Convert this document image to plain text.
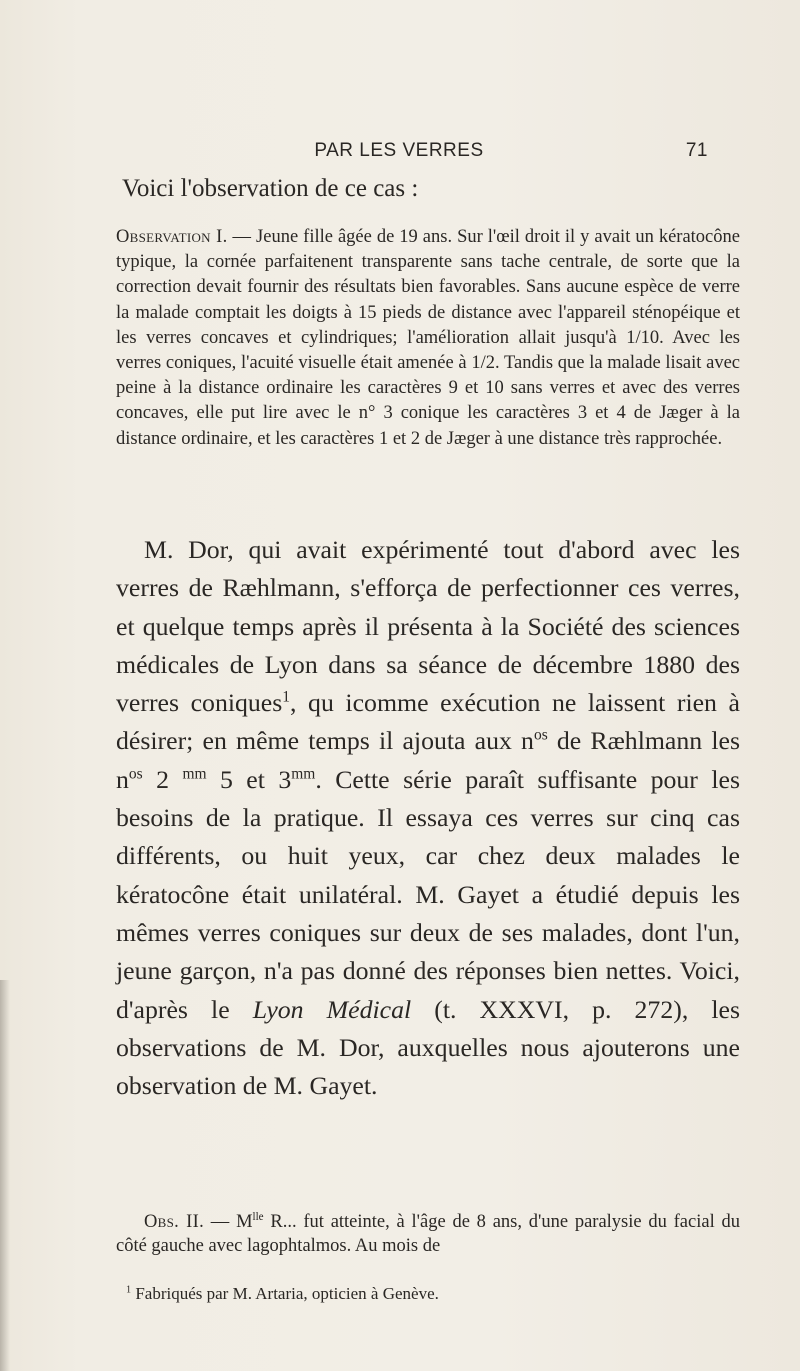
PAR LES VERRES	71
Voici l'observation de ce cas :

Observation I. — Jeune fille âgée de 19 ans. Sur l'œil droit il y avait un kératocône typique, la cornée parfaitenent transparente sans tache centrale, de sorte que la correction devait fournir des résultats bien favorables. Sans aucune espèce de verre la malade comptait les doigts à 15 pieds de distance avec l'appareil sténopéique et les verres concaves et cylindriques; l'amélioration allait jusqu'à 1/10. Avec les verres coniques, l'acuité visuelle était amenée à 1/2. Tandis que la malade lisait avec peine à la distance ordinaire les caractères 9 et 10 sans verres et avec des verres concaves, elle put lire avec le n° 3 conique les caractères 3 et 4 de Jæger à la distance ordinaire, et les caractères 1 et 2 de Jæger à une distance très rapprochée.

M. Dor, qui avait expérimenté tout d'abord avec les verres de Ræhlmann, s'efforça de perfectionner ces verres, et quelque temps après il présenta à la Société des sciences médicales de Lyon dans sa séance de décembre 1880 des verres coniques$^1$, qu icomme exécution ne laissent rien à désirer; en même temps il ajouta aux $n^{os}$ de Ræhlmann les $n^{os}$ 2 $^{mm}$ 5 et $3^{mm}$. Cette série paraît suffisante pour les besoins de la pratique. Il essaya ces verres sur cinq cas différents, ou huit yeux, car chez deux malades le kératocône était unilatéral. M. Gayet a étudié depuis les mêmes verres coniques sur deux de ses malades, dont l'un, jeune garçon, n'a pas donné des réponses bien nettes. Voici, d'après le Lyon Médical (t. XXXVI, p. 272), les observations de M. Dor, auxquelles nous ajouterons une observation de M. Gayet.

Obs. II. — $M^{lle}$ R... fut atteinte, à l'âge de 8 ans, d'une paralysie du facial du côté gauche avec lagophtalmos. Au mois de

$^1$ Fabriqués par M. Artaria, opticien à Genève.
